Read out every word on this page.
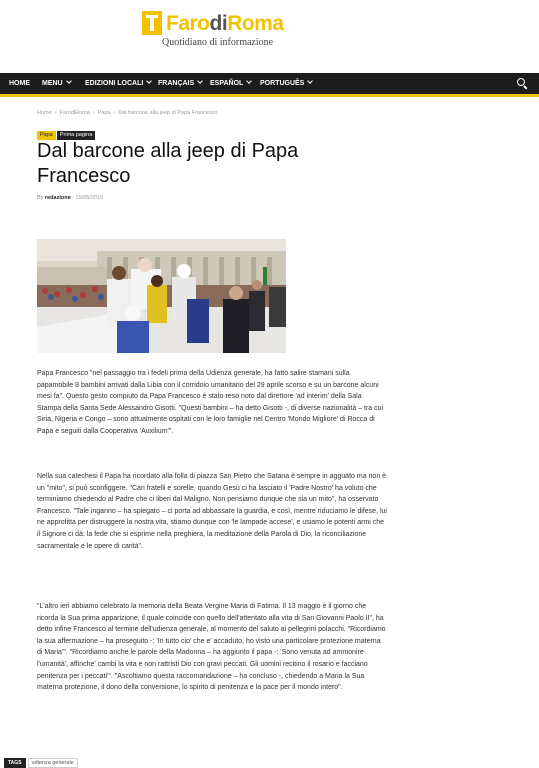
FarodiRoma
Quotidiano di informazione
HOME MENU	EDIZIONI LOCALI	FRANÇAIS	ESPAÑOL	PORTUGUÊS
Home › FarodiRoma › Papa › Dal barcone alla jeep di Papa Francesco
Papa Prima pagina
Dal barcone alla jeep di Papa Francesco
By redazione - 15/05/2019

Papa Francesco "nel passaggio tra i fedeli prima della Udienza generale, ha fatto salire stamani sulla papamobile 8 bambini arrivati dalla Libia con il corridoio umanitario del 29 aprile scorso e su un barcone alcuni mesi fa". Questo gesto compiuto da Papa Francesco è stato reso noto dal direttore 'ad interim' della Sala Stampa della Santa Sede Alessandro Gisotti. "Questi bambini – ha detto Gisotti -, di diverse nazionalità – tra cui Siria, Nigeria e Congo – sono attualmente ospitati con le loro famiglie nel Centro 'Mondo Migliore' di Rocca di Papa e seguiti dalla Cooperativa 'Auxilium'".

Nella sua catechesi il Papa ha ricordato alla folla di piazza San Pietro che Satana è sempre in agguato ma non è un "mito", si può sconfiggere. "Cari fratelli e sorelle, quando Gesù ci ha lasciato il 'Padre Nostro' ha voluto che terminiamo chiedendo al Padre che ci liberi dal Maligno. Non pensiamo dunque che sia un mito", ha osservato Francesco. "Tale inganno – ha spiegato – ci porta ad abbassare la guardia, e così, mentre riduciamo le difese, lui ne approfitta per distruggere la nostra vita, stiamo dunque con 'le lampade accese', e usiamo le potenti armi che il Signore ci dà: la fede che si esprime nella preghiera, la meditazione della Parola di Dio, la riconciliazione sacramentale e le opere di carità".

"L'altro ieri abbiamo celebrato la memoria della Beata Vergine Maria di Fatima. Il 13 maggio è il giorno che ricorda la Sua prima apparizione, il quale coincide con quello dell'attentato alla vita di San Giovanni Paolo II", ha detto infine Francesco al termine dell'udienza generale, al momento del saluto ai pellegrini polacchi. "Ricordiamo la sua affermazione – ha proseguito -: 'In tutto cio' che e' accaduto, ho visto una particolare protezione materna di Maria'". "Ricordiamo anche le parole della Madonna – ha aggiunto il papa -: 'Sono venuta ad ammonire l'umanità', affinche' cambi la vita e non rattristi Dio con gravi peccati. Gli uomini recitino il rosario e facciano penitenza per i peccati'". "Ascoltiamo questa raccomandazione – ha concluso -, chiedendo a Maria la Sua materna protezione, il dono della conversione, lo spirito di penitenza e la pace per il mondo intero".

TAGS udienza generale
